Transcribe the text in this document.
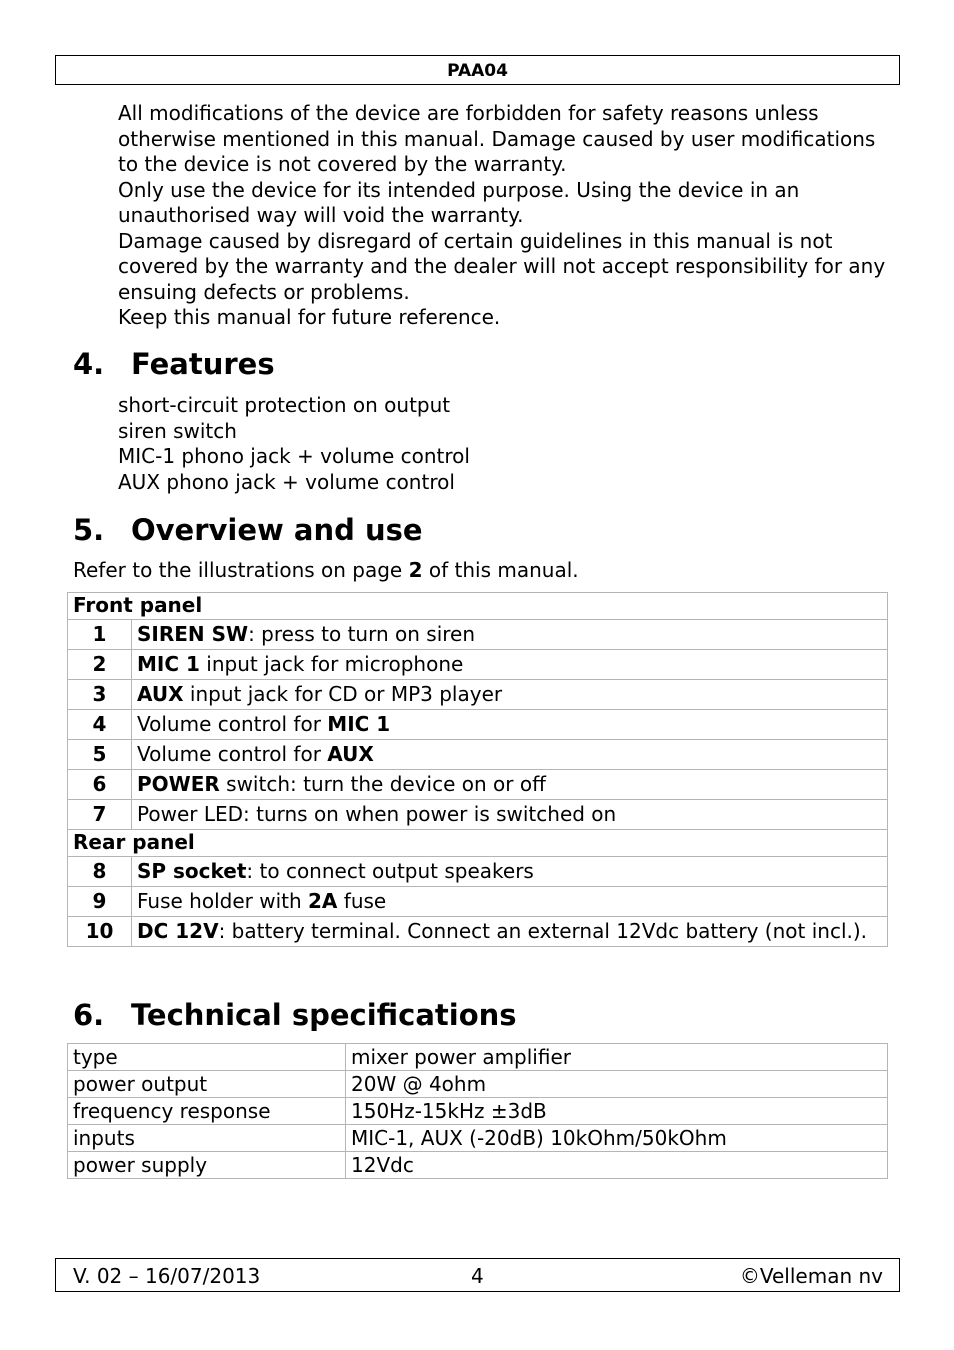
PAA04

All modifications of the device are forbidden for safety reasons unless otherwise mentioned in this manual. Damage caused by user modifications to the device is not covered by the warranty.

Only use the device for its intended purpose. Using the device in an unauthorised way will void the warranty.

Damage caused by disregard of certain guidelines in this manual is not covered by the warranty and the dealer will not accept responsibility for any ensuing defects or problems.

Keep this manual for future reference.

4. Features
short-circuit protection on output
siren switch
MIC-1 phono jack + volume control
AUX phono jack + volume control
5. Overview and use
Refer to the illustrations on page 2 of this manual.
Front panel	
1	SIREN SW: press to turn on siren
2	MIC 1 input jack for microphone
3	AUX input jack for CD or MP3 player
4	Volume control for MIC 1
5	Volume control for AUX
6	POWER switch: turn the device on or off
7	Power LED: turns on when power is switched on
Rear panel	
8	SP socket: to connect output speakers
9	Fuse holder with 2A fuse
10	DC 12V: battery terminal. Connect an external 12Vdc battery (not incl.).
6. Technical specifications
type	mixer power amplifier
power output	20W @ 4ohm
frequency response	150Hz-15kHz ±3dB
inputs	MIC-1, AUX (-20dB) 10kOhm/50kOhm
power supply	12Vdc
V. 02 – 16/07/2013	4	©Velleman nv
